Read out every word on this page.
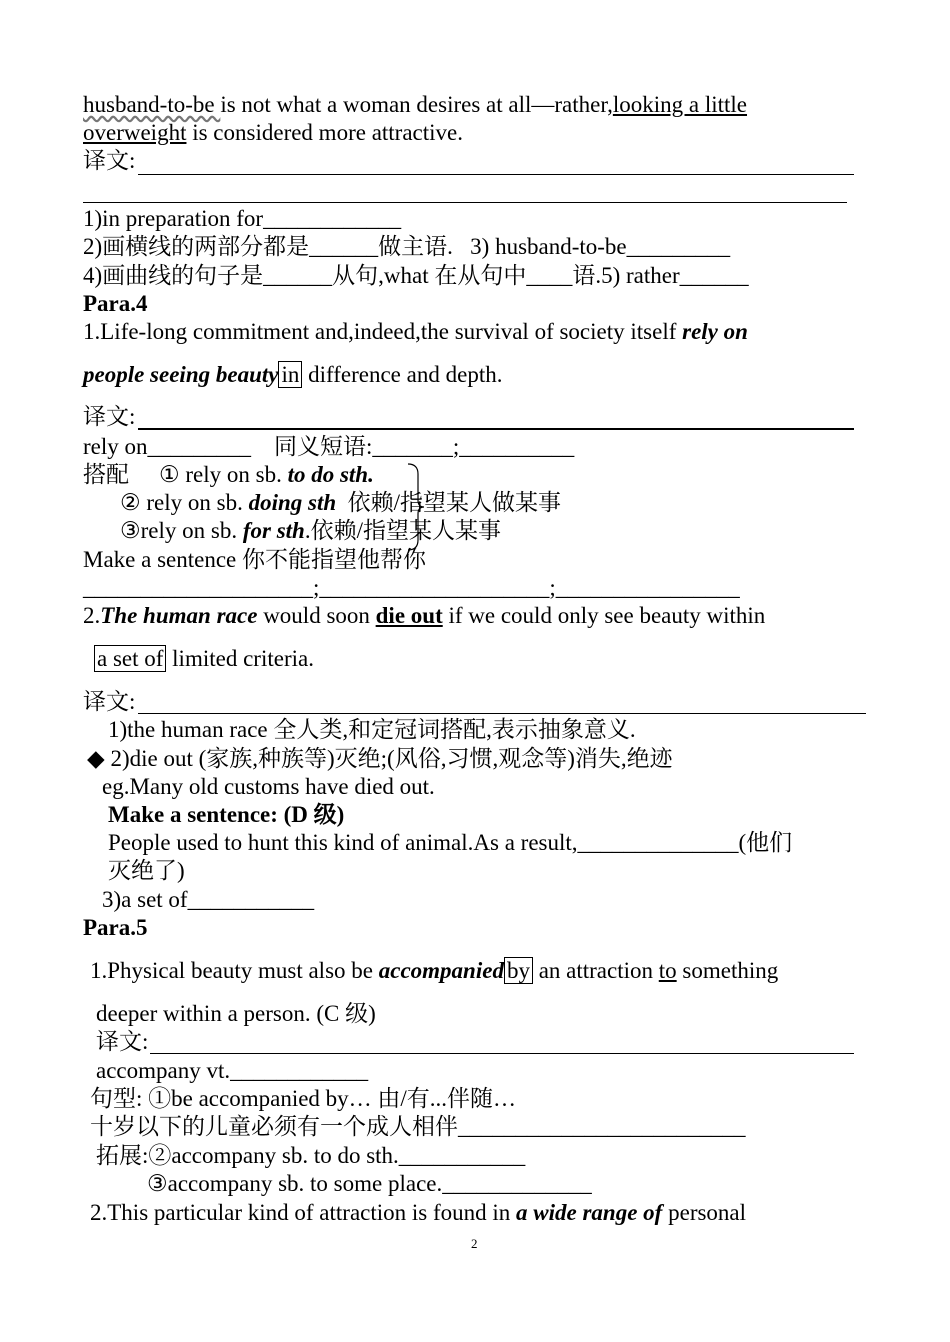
husband-to-be is not what a woman desires at all—rather,looking a little
overweight is considered more attractive.
译文:
1)in preparation for____________
2)画横线的两部分都是______做主语.   3) husband-to-be_________
4)画曲线的句子是______从句,what 在从句中____语.5) rather______
Para.4
1.Life-long commitment and,indeed,the survival of society itself rely on
people seeing beauty in difference and depth.
译文:
rely on_________    同义短语:_______;__________
搭配 ① rely on sb. to do sth.
② rely on sb. doing sth  依赖/指望某人做某事
③rely on sb. for sth.依赖/指望某人某事
Make a sentence 你不能指望他帮你
____________________;____________________;________________
2.The human race would soon die out if we could only see beauty within
a set of limited criteria.
译文:
1)the human race 全人类,和定冠词搭配,表示抽象意义.
◆ 2)die out (家族,种族等)灭绝;(风俗,习惯,观念等)消失,绝迹
eg.Many old customs have died out.
Make a sentence: (D 级)
People used to hunt this kind of animal.As a result,______________(他们
灭绝了)
3)a set of___________
Para.5
1.Physical beauty must also be accompanied by an attraction to something
deeper within a person. (C 级)
译文:
accompany vt.____________
句型: ①be accompanied by… 由/有...伴随…
十岁以下的儿童必须有一个成人相伴_________________________
拓展:②accompany sb. to do sth.___________
③accompany sb. to some place._____________
2.This particular kind of attraction is found in a wide range of personal
2
